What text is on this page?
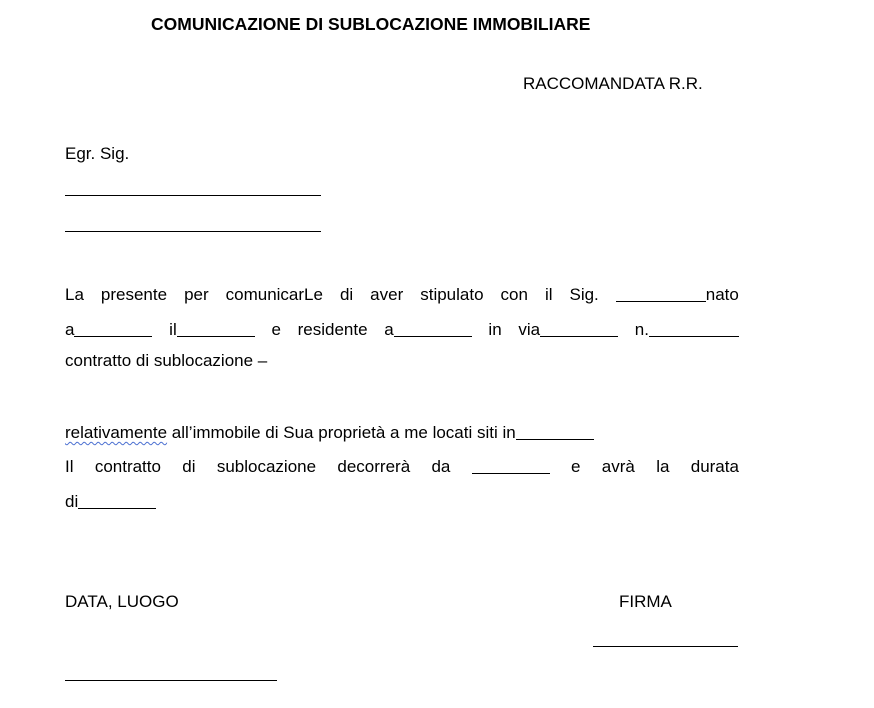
COMUNICAZIONE DI SUBLOCAZIONE IMMOBILIARE
RACCOMANDATA R.R.
Egr. Sig.
La presente per comunicarLe di aver stipulato con il Sig.	nato
a	il	e residente a	in via	n.
contratto di sublocazione –
relativamente all’immobile di Sua proprietà a me locati siti in
Il contratto di sublocazione decorrerà da	e avrà la durata
di
DATA, LUOGO	FIRMA
